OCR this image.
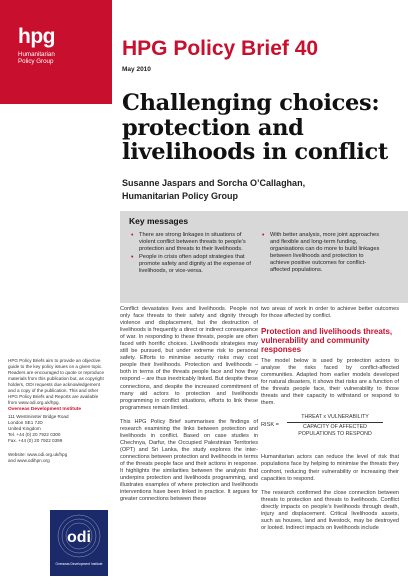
hpg
Humanitarian
Policy Group
HPG Policy Brief 40
May 2010
Challenging choices: protection and livelihoods in conflict
Susanne Jaspars and Sorcha O’Callaghan,
Humanitarian Policy Group
Key messages
• There are strong linkages in situations of violent conflict between threats to people’s protection and threats to their livelihoods.
• People in crisis often adopt strategies that promote safety and dignity at the expense of livelihoods, or vice-versa.
• With better analysis, more joint approaches and flexible and long-term funding, organisations can do more to build linkages between livelihoods and protection to achieve positive outcomes for conflict-affected populations.
HPG Policy Briefs aim to provide an objective guide to the key policy issues on a given topic. Readers are encouraged to quote or reproduce materials from this publication but, as copyright holders, ODI requests due acknowledgement and a copy of the publication. This and other HPG Policy Briefs and Reports are available from www.odi.org.uk/hpg.
Overseas Development Institute
111 Westminster Bridge Road
London SE1 7JD
United Kingdom
Tel. +44 (0) 20 7922 0300
Fax. +44 (0) 20 7922 0399
Website: www.odi.org.uk/hpg
and www.odihpn.org
odi
Overseas Development Institute

Conflict devastates lives and livelihoods. People not only face threats to their safety and dignity through violence and displacement, but the destruction of livelihoods is frequently a direct or indirect consequence of war. In responding to these threats, people are often faced with horrific choices. Livelihoods strategies may still be pursued, but under extreme risk to personal safety. Efforts to minimise security risks may cost people their livelihoods. Protection and livelihoods – both in terms of the threats people face and how they respond – are thus inextricably linked. But despite these connections, and despite the increased commitment of many aid actors to protection and livelihoods programming in conflict situations, efforts to link these programmes remain limited.

This HPG Policy Brief summarises the findings of research examining the links between protection and livelihoods in conflict. Based on case studies in Chechnya, Darfur, the Occupied Palestinian Territories (OPT) and Sri Lanka, the study explores the inter-connections between protection and livelihoods in terms of the threats people face and their actions in response. It highlights the similarities between the analysis that underpins protection and livelihoods programming, and illustrates examples of where protection and livelihoods interventions have been linked in practice. It argues for greater connections between these

two areas of work in order to achieve better outcomes for those affected by conflict.

Protection and livelihoods threats, vulnerability and community responses

The model below is used by protection actors to analyse the risks faced by conflict-affected communities. Adapted from earlier models developed for natural disasters, it shows that risks are a function of the threats people face, their vulnerability to those threats and their capacity to withstand or respond to them.

RISK =
THREAT x VULNERABILITY
CAPACITY OF AFFECTED POPULATIONS TO RESPOND

Humanitarian actors can reduce the level of risk that populations face by helping to minimise the threats they confront, reducing their vulnerability or increasing their capacities to respond.

The research confirmed the close connection between threats to protection and threats to livelihoods. Conflict directly impacts on people’s livelihoods through death, injury and displacement. Critical livelihoods assets, such as houses, land and livestock, may be destroyed or looted. Indirect impacts on livelihoods include
